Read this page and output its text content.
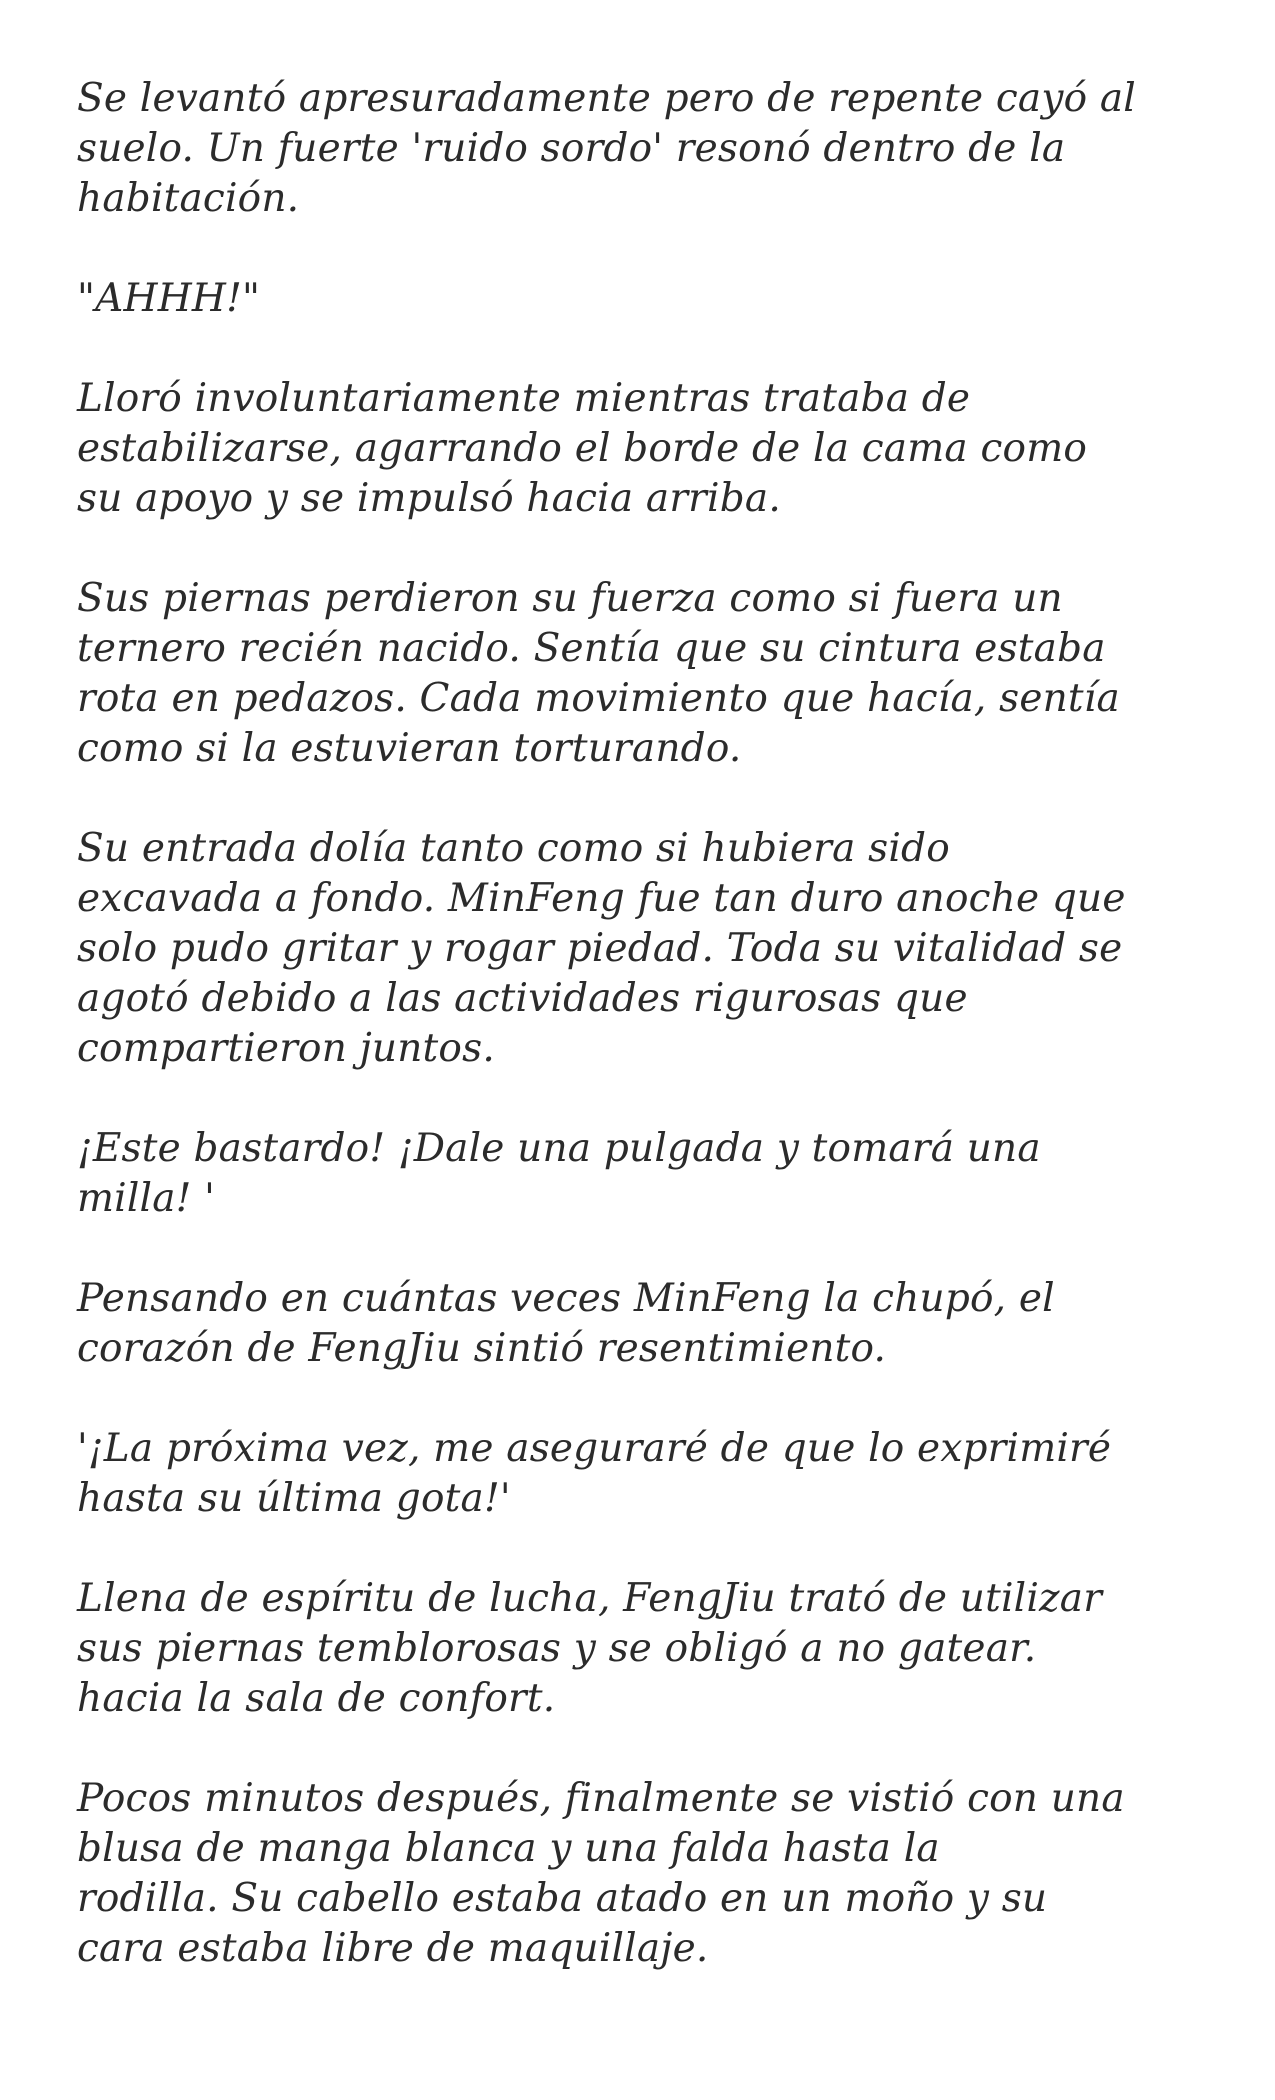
Se levantó apresuradamente pero de repente cayó al
suelo. Un fuerte 'ruido sordo' resonó dentro de la
habitación.

"AHHH!"

Lloró involuntariamente mientras trataba de
estabilizarse, agarrando el borde de la cama como
su apoyo y se impulsó hacia arriba.

Sus piernas perdieron su fuerza como si fuera un
ternero recién nacido. Sentía que su cintura estaba
rota en pedazos. Cada movimiento que hacía, sentía
como si la estuvieran torturando.

Su entrada dolía tanto como si hubiera sido
excavada a fondo. MinFeng fue tan duro anoche que
solo pudo gritar y rogar piedad. Toda su vitalidad se
agotó debido a las actividades rigurosas que
compartieron juntos.

¡Este bastardo! ¡Dale una pulgada y tomará una
milla! '

Pensando en cuántas veces MinFeng la chupó, el
corazón de FengJiu sintió resentimiento.

'¡La próxima vez, me aseguraré de que lo exprimiré
hasta su última gota!'

Llena de espíritu de lucha, FengJiu trató de utilizar
sus piernas temblorosas y se obligó a no gatear.
hacia la sala de confort.

Pocos minutos después, finalmente se vistió con una
blusa de manga blanca y una falda hasta la
rodilla. Su cabello estaba atado en un moño y su
cara estaba libre de maquillaje.
